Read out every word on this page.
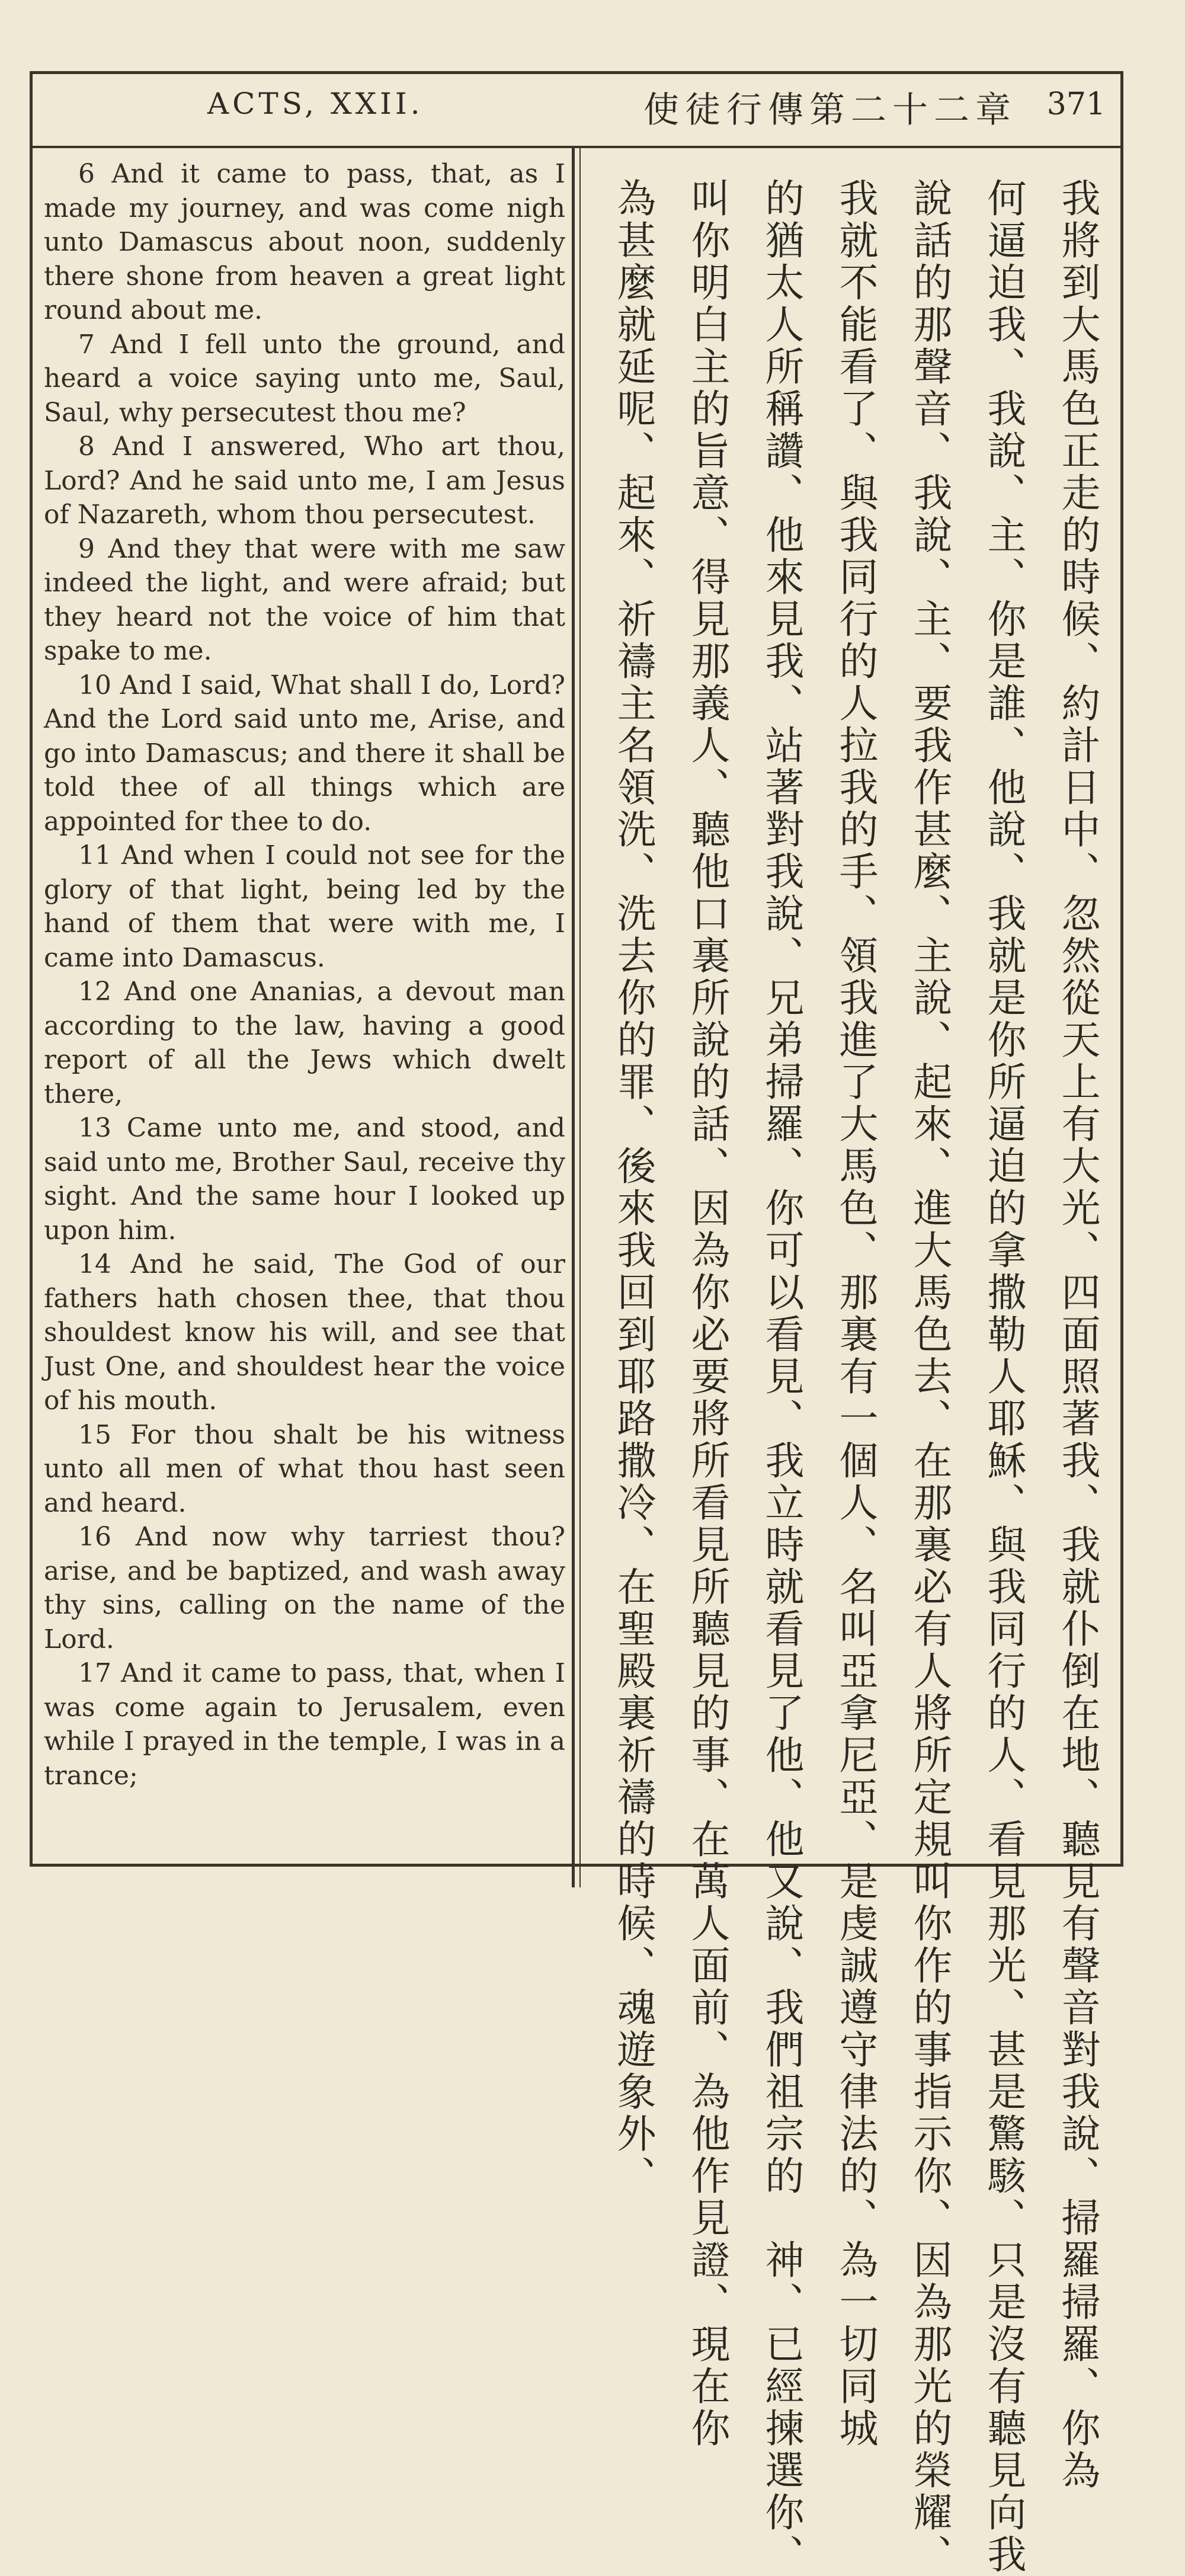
ACTS, XXII.	使徒行傳第二十二章 371

6 And it came to pass, that, as I made my journey, and was come nigh unto Damascus about noon, suddenly there shone from heaven a great light round about me.

7 And I fell unto the ground, and heard a voice saying unto me, Saul, Saul, why persecutest thou me?

8 And I answered, Who art thou, Lord? And he said unto me, I am Jesus of Nazareth, whom thou persecutest.

9 And they that were with me saw indeed the light, and were afraid; but they heard not the voice of him that spake to me.

10 And I said, What shall I do, Lord? And the Lord said unto me, Arise, and go into Damascus; and there it shall be told thee of all things which are appointed for thee to do.

11 And when I could not see for the glory of that light, being led by the hand of them that were with me, I came into Damascus.

12 And one Ananias, a devout man according to the law, having a good report of all the Jews which dwelt there,

13 Came unto me, and stood, and said unto me, Brother Saul, receive thy sight. And the same hour I looked up upon him.

14 And he said, The God of our fathers hath chosen thee, that thou shouldest know his will, and see that Just One, and shouldest hear the voice of his mouth.

15 For thou shalt be his witness unto all men of what thou hast seen and heard.

16 And now why tarriest thou? arise, and be baptized, and wash away thy sins, calling on the name of the Lord.

17 And it came to pass, that, when I was come again to Jerusalem, even while I prayed in the temple, I was in a trance;	我將到大馬色正走的時候、約計日中、忽然從天上有大光、四面照著我、我就仆倒在地、聽見有聲音對我說、掃羅掃羅、你為
何逼迫我、我說、主、你是誰、他說、我就是你所逼迫的拿撒勒人耶穌、與我同行的人、看見那光、甚是驚駭、只是沒有聽見向我
說話的那聲音、我說、主、要我作甚麼、主說、起來、進大馬色去、在那裏必有人將所定規叫你作的事指示你、因為那光的榮耀、
我就不能看了、與我同行的人拉我的手、領我進了大馬色、那裏有一個人、名叫亞拿尼亞、是虔誠遵守律法的、為一切同城
的猶太人所稱讚、他來見我、站著對我說、兄弟掃羅、你可以看見、我立時就看見了他、他又說、我們祖宗的　神、已經揀選你、
叫你明白主的旨意、得見那義人、聽他口裏所說的話、因為你必要將所看見所聽見的事、在萬人面前、為他作見證、現在你
為甚麼就延呢、起來、祈禱主名領洗、洗去你的罪、後來我回到耶路撒冷、在聖殿裏祈禱的時候、魂遊象外、
